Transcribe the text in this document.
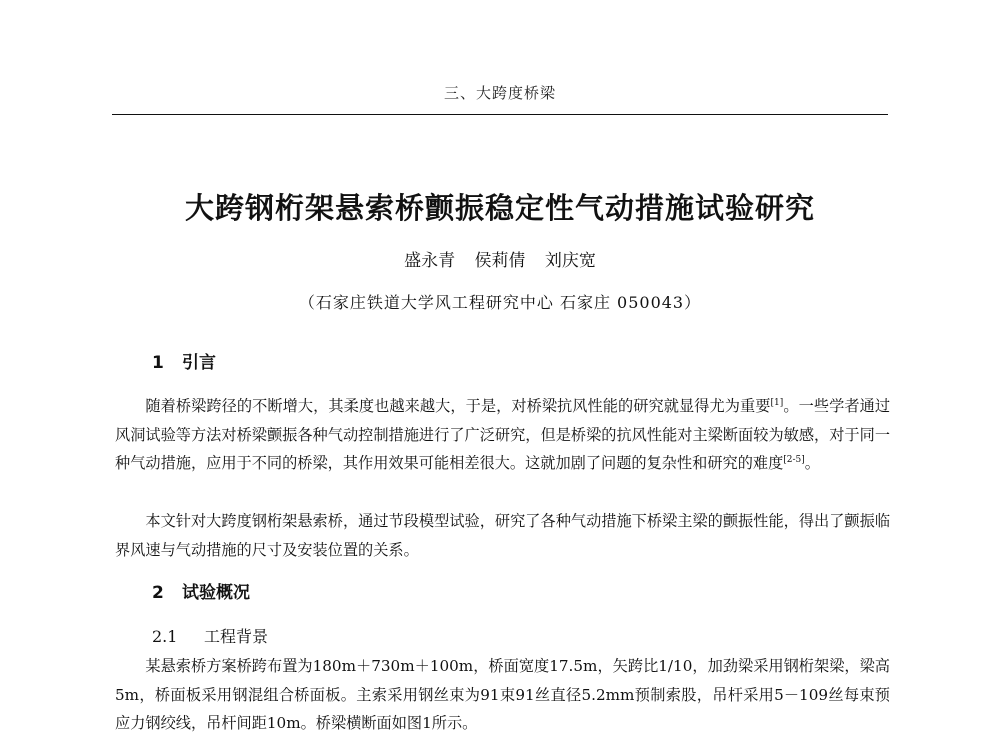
三、大跨度桥梁
大跨钢桁架悬索桥颤振稳定性气动措施试验研究
盛永青 侯莉倩 刘庆宽
（石家庄铁道大学风工程研究中心 石家庄 050043）
1 引言

随着桥梁跨径的不断增大，其柔度也越来越大，于是，对桥梁抗风性能的研究就显得尤为重要[1]。一些学者通过风洞试验等方法对桥梁颤振各种气动控制措施进行了广泛研究，但是桥梁的抗风性能对主梁断面较为敏感，对于同一种气动措施，应用于不同的桥梁，其作用效果可能相差很大。这就加剧了问题的复杂性和研究的难度[2-5]。

本文针对大跨度钢桁架悬索桥，通过节段模型试验，研究了各种气动措施下桥梁主梁的颤振性能，得出了颤振临界风速与气动措施的尺寸及安装位置的关系。

2 试验概况
2.1 工程背景

某悬索桥方案桥跨布置为180m＋730m＋100m，桥面宽度17.5m，矢跨比1/10，加劲梁采用钢桁架梁，梁高5m，桥面板采用钢混组合桥面板。主索采用钢丝束为91束91丝直径5.2mm预制索股，吊杆采用5－109丝每束预应力钢绞线，吊杆间距10m。桥梁横断面如图1所示。
